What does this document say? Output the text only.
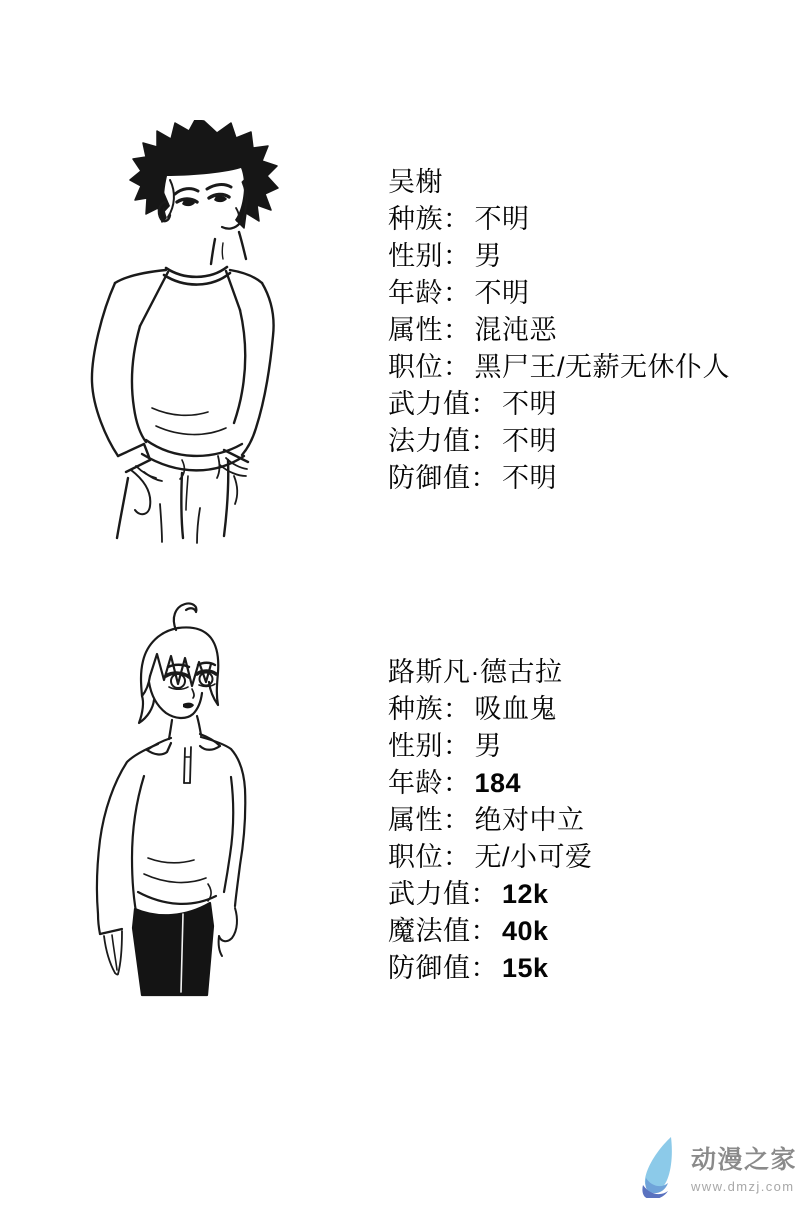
吴榭
种族： 不明
性别： 男
年龄： 不明
属性： 混沌恶
职位： 黑尸王/无薪无休仆人
武力值： 不明
法力值： 不明
防御值： 不明
路斯凡·德古拉
种族： 吸血鬼
性别： 男
年龄： 184
属性： 绝对中立
职位： 无/小可爱
武力值： 12k
魔法值： 40k
防御值： 15k
动漫之家
www.dmzj.com
